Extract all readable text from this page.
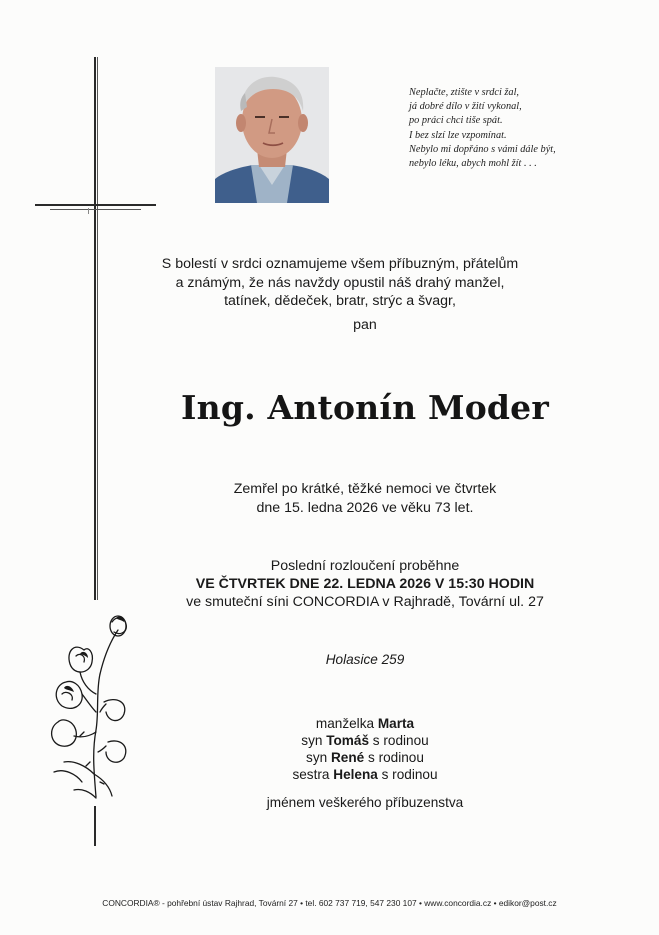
Neplačte, ztište v srdci žal,
já dobré dílo v žití vykonal,
po práci chci tiše spát.
I bez slzí lze vzpomínat.
Nebylo mi dopřáno s vámi dále být,
nebylo léku, abych mohl žít . . .
S bolestí v srdci oznamujeme všem příbuzným, přátelům
a známým, že nás navždy opustil náš drahý manžel,
tatínek, dědeček, bratr, strýc a švagr,
pan
Ing. Antonín Moder
Zemřel po krátké, těžké nemoci ve čtvrtek
dne 15. ledna 2026 ve věku 73 let.
Poslední rozloučení proběhne
VE ČTVRTEK DNE 22. LEDNA 2026 V 15:30 HODIN
ve smuteční síni CONCORDIA v Rajhradě, Tovární ul. 27
Holasice 259
manželka Marta
syn Tomáš s rodinou
syn René s rodinou
sestra Helena s rodinou
jménem veškerého příbuzenstva
CONCORDIA® - pohřební ústav Rajhrad, Tovární 27 • tel. 602 737 719, 547 230 107 • www.concordia.cz • edikor@post.cz
